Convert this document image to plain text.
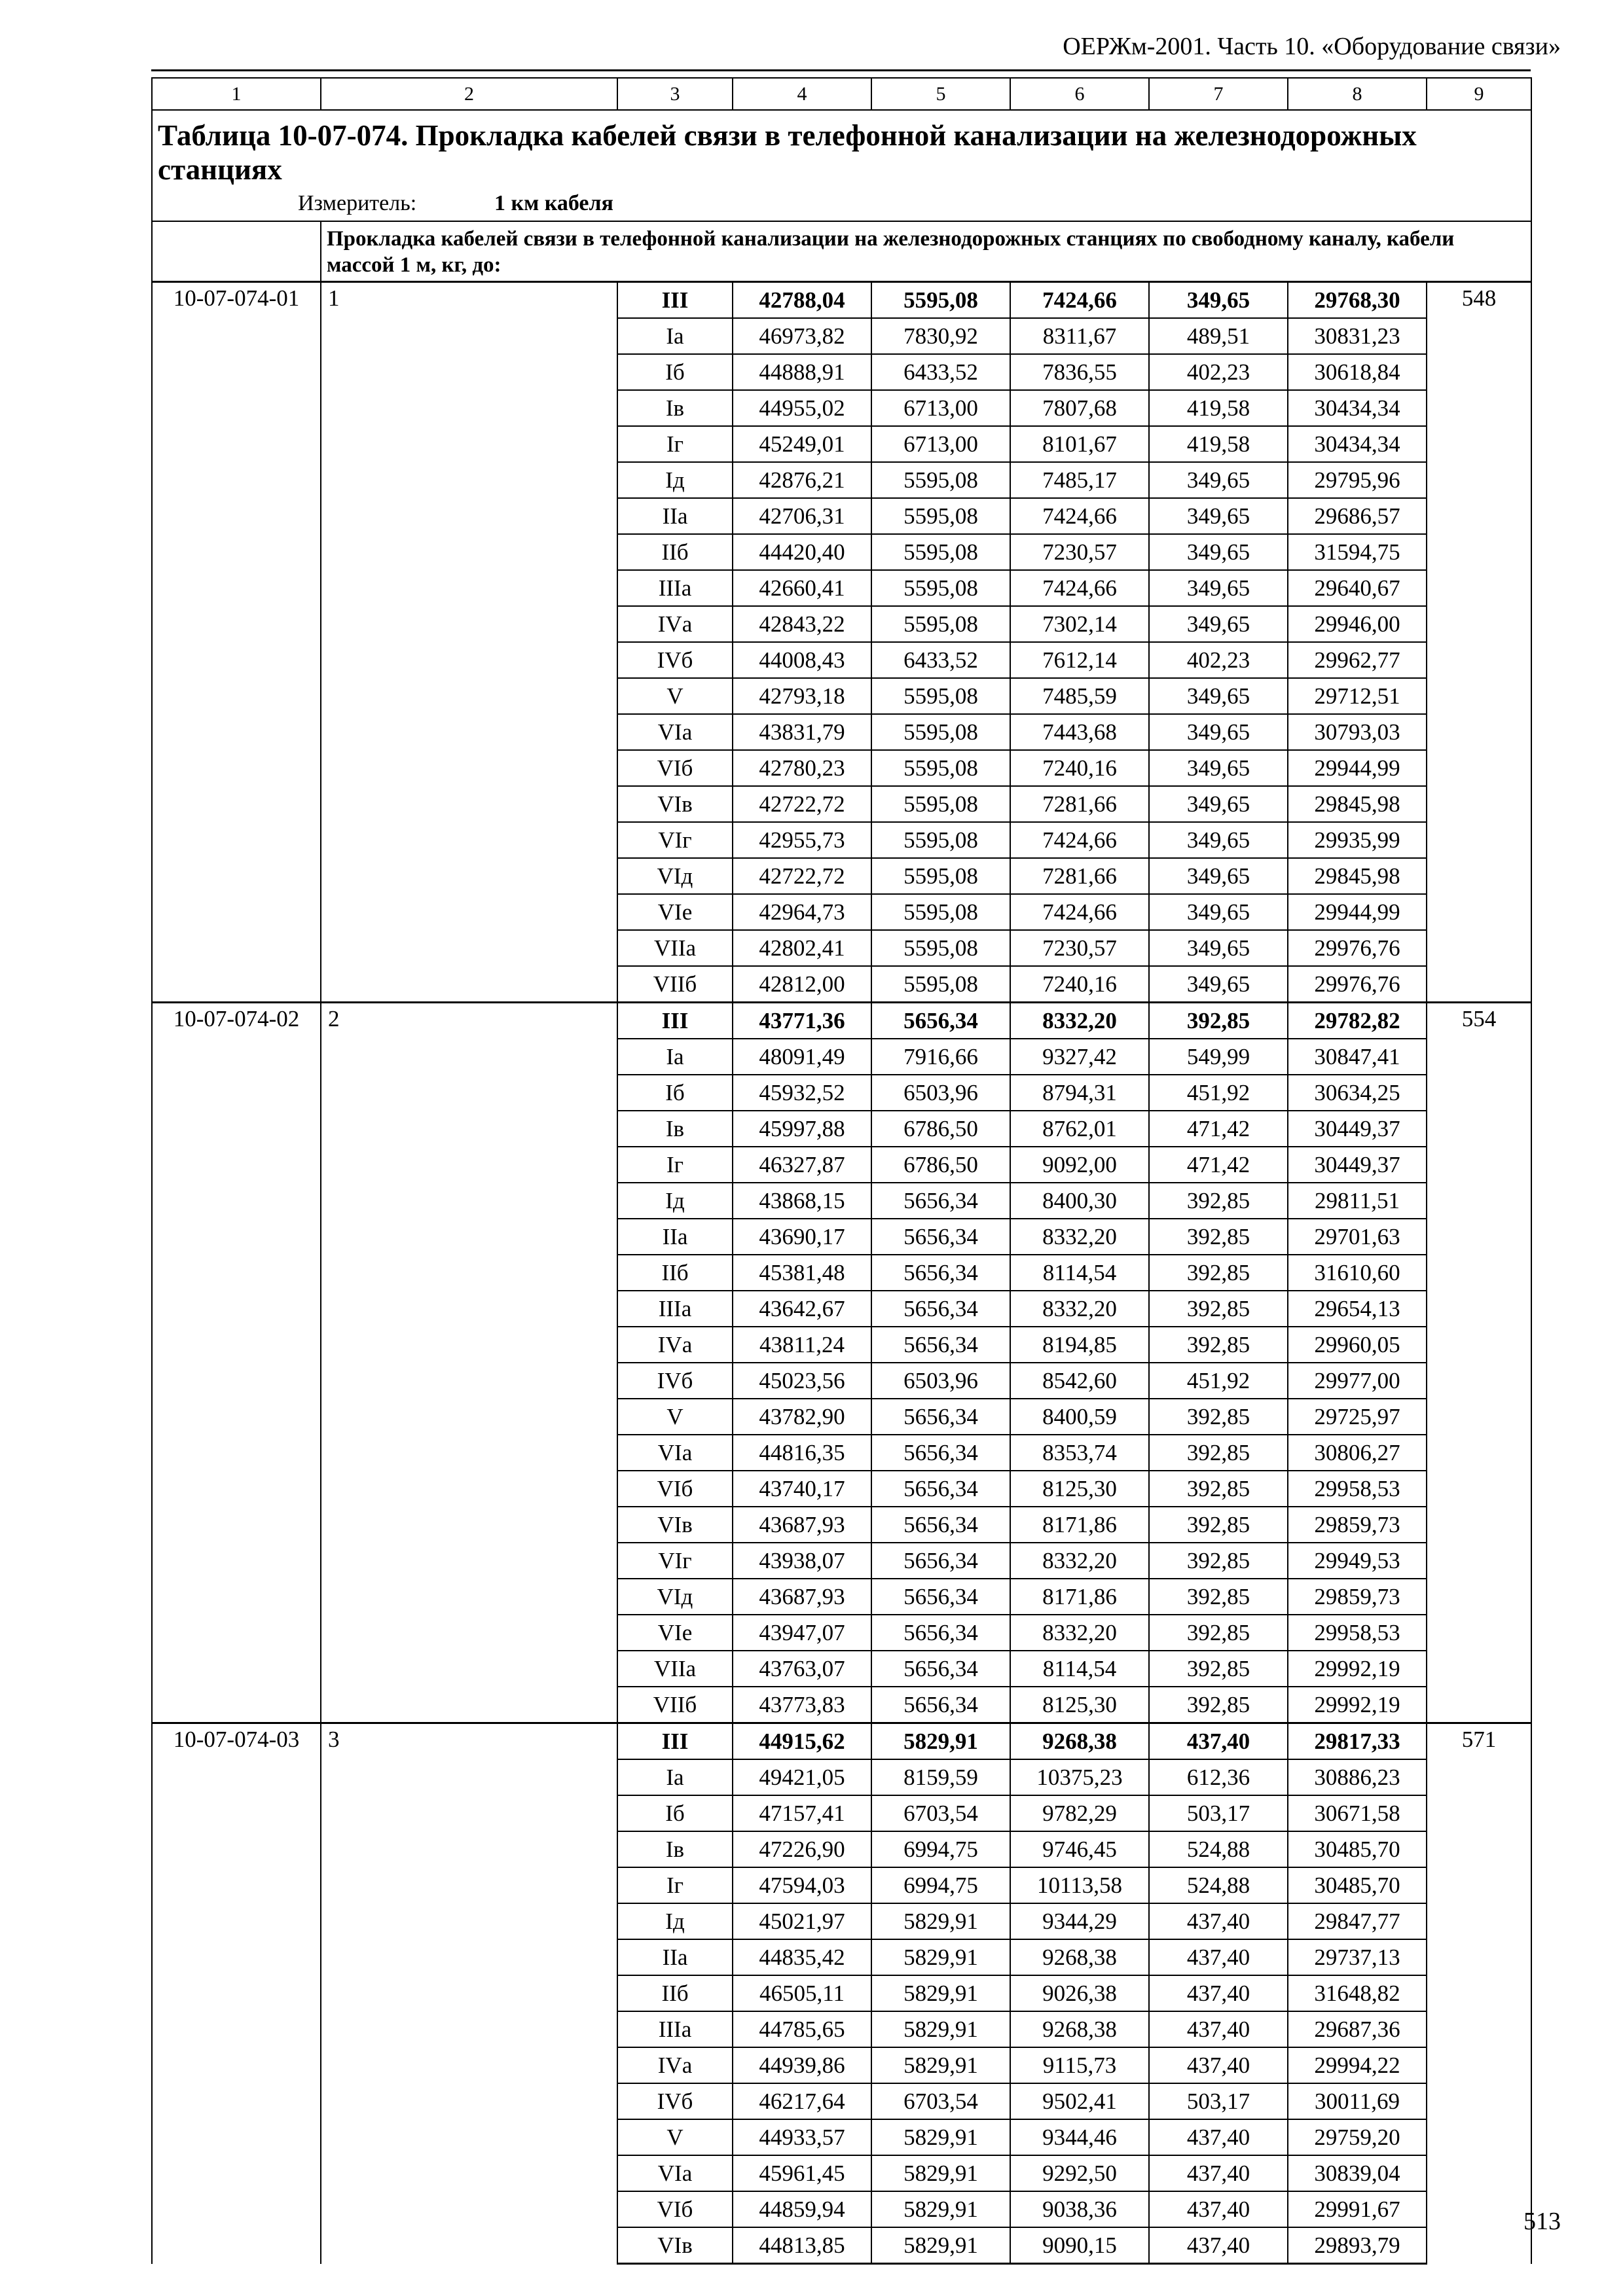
ОЕРЖм-2001. Часть 10. «Оборудование связи»
1	2	3	4	5	6	7	8	9

Таблица 10-07-074. Прокладка кабелей связи в телефонной канализации на железнодорожных станциях
Измеритель: 1 км кабеля								

	Прокладка кабелей связи в телефонной канализации на железнодорожных станциях по свободному каналу, кабели массой 1 м, кг, до:							
10-07-074-01	1	III	42788,04	5595,08	7424,66	349,65	29768,30	548
		Iа	46973,82	7830,92	8311,67	489,51	30831,23	
		Iб	44888,91	6433,52	7836,55	402,23	30618,84	
		Iв	44955,02	6713,00	7807,68	419,58	30434,34	
		Iг	45249,01	6713,00	8101,67	419,58	30434,34	
		Iд	42876,21	5595,08	7485,17	349,65	29795,96	
		IIа	42706,31	5595,08	7424,66	349,65	29686,57	
		IIб	44420,40	5595,08	7230,57	349,65	31594,75	
		IIIа	42660,41	5595,08	7424,66	349,65	29640,67	
		IVа	42843,22	5595,08	7302,14	349,65	29946,00	
		IVб	44008,43	6433,52	7612,14	402,23	29962,77	
		V	42793,18	5595,08	7485,59	349,65	29712,51	
		VIа	43831,79	5595,08	7443,68	349,65	30793,03	
		VIб	42780,23	5595,08	7240,16	349,65	29944,99	
		VIв	42722,72	5595,08	7281,66	349,65	29845,98	
		VIг	42955,73	5595,08	7424,66	349,65	29935,99	
		VIд	42722,72	5595,08	7281,66	349,65	29845,98	
		VIе	42964,73	5595,08	7424,66	349,65	29944,99	
		VIIа	42802,41	5595,08	7230,57	349,65	29976,76	
		VIIб	42812,00	5595,08	7240,16	349,65	29976,76	
10-07-074-02	2	III	43771,36	5656,34	8332,20	392,85	29782,82	554
		Iа	48091,49	7916,66	9327,42	549,99	30847,41	
		Iб	45932,52	6503,96	8794,31	451,92	30634,25	
		Iв	45997,88	6786,50	8762,01	471,42	30449,37	
		Iг	46327,87	6786,50	9092,00	471,42	30449,37	
		Iд	43868,15	5656,34	8400,30	392,85	29811,51	
		IIа	43690,17	5656,34	8332,20	392,85	29701,63	
		IIб	45381,48	5656,34	8114,54	392,85	31610,60	
		IIIа	43642,67	5656,34	8332,20	392,85	29654,13	
		IVа	43811,24	5656,34	8194,85	392,85	29960,05	
		IVб	45023,56	6503,96	8542,60	451,92	29977,00	
		V	43782,90	5656,34	8400,59	392,85	29725,97	
		VIа	44816,35	5656,34	8353,74	392,85	30806,27	
		VIб	43740,17	5656,34	8125,30	392,85	29958,53	
		VIв	43687,93	5656,34	8171,86	392,85	29859,73	
		VIг	43938,07	5656,34	8332,20	392,85	29949,53	
		VIд	43687,93	5656,34	8171,86	392,85	29859,73	
		VIе	43947,07	5656,34	8332,20	392,85	29958,53	
		VIIа	43763,07	5656,34	8114,54	392,85	29992,19	
		VIIб	43773,83	5656,34	8125,30	392,85	29992,19	
10-07-074-03	3	III	44915,62	5829,91	9268,38	437,40	29817,33	571
		Iа	49421,05	8159,59	10375,23	612,36	30886,23	
		Iб	47157,41	6703,54	9782,29	503,17	30671,58	
		Iв	47226,90	6994,75	9746,45	524,88	30485,70	
		Iг	47594,03	6994,75	10113,58	524,88	30485,70	
		Iд	45021,97	5829,91	9344,29	437,40	29847,77	
		IIа	44835,42	5829,91	9268,38	437,40	29737,13	
		IIб	46505,11	5829,91	9026,38	437,40	31648,82	
		IIIа	44785,65	5829,91	9268,38	437,40	29687,36	
		IVа	44939,86	5829,91	9115,73	437,40	29994,22	
		IVб	46217,64	6703,54	9502,41	503,17	30011,69	
		V	44933,57	5829,91	9344,46	437,40	29759,20	
		VIа	45961,45	5829,91	9292,50	437,40	30839,04	
		VIб	44859,94	5829,91	9038,36	437,40	29991,67	
		VIв	44813,85	5829,91	9090,15	437,40	29893,79	
513
